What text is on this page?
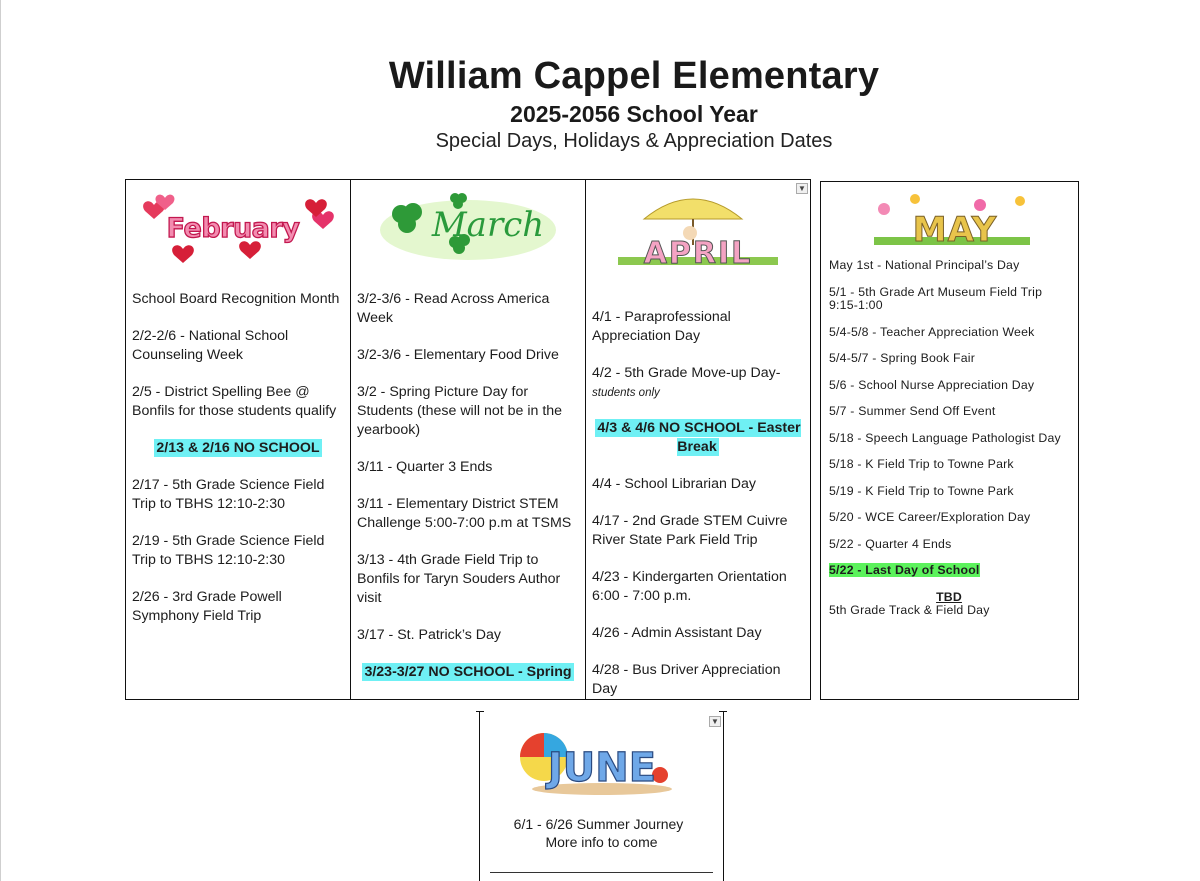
William Cappel Elementary
2025-2056 School Year
Special Days, Holidays & Appreciation Dates
February

School Board Recognition Month

2/2-2/6 - National School Counseling Week

2/5 - District Spelling Bee @ Bonfils for those students qualify

2/13 & 2/16 NO SCHOOL

2/17 - 5th Grade Science Field Trip to TBHS 12:10-2:30

2/19 - 5th Grade Science Field Trip to TBHS 12:10-2:30

2/26 - 3rd Grade Powell Symphony Field Trip

March

3/2-3/6 - Read Across America Week

3/2-3/6 - Elementary Food Drive

3/2 - Spring Picture Day for Students (these will not be in the yearbook)

3/11 - Quarter 3 Ends

3/11 - Elementary District STEM Challenge 5:00-7:00 p.m at TSMS

3/13 - 4th Grade Field Trip to Bonfils for Taryn Souders Author visit

3/17 - St. Patrick’s Day

3/23-3/27 NO SCHOOL - Spring

▼
APRIL

4/1 - Paraprofessional Appreciation Day

4/2 - 5th Grade Move-up Day-
students only

4/3 & 4/6 NO SCHOOL - Easter Break

4/4 - School Librarian Day

4/17 - 2nd Grade STEM Cuivre River State Park Field Trip

4/23 - Kindergarten Orientation 6:00 - 7:00 p.m.

4/26 - Admin Assistant Day

4/28 - Bus Driver Appreciation Day

MAY

May 1st - National Principal’s Day

5/1 - 5th Grade Art Museum Field Trip 9:15-1:00

5/4-5/8 - Teacher Appreciation Week

5/4-5/7 - Spring Book Fair

5/6 - School Nurse Appreciation Day

5/7 - Summer Send Off Event

5/18 - Speech Language Pathologist Day

5/18 - K Field Trip to Towne Park

5/19 - K Field Trip to Towne Park

5/20 - WCE Career/Exploration Day

5/22 - Quarter 4 Ends

5/22 - Last Day of School

TBD

5th Grade Track & Field Day

▼
JUNE
6/1 - 6/26 Summer Journey
More info to come
